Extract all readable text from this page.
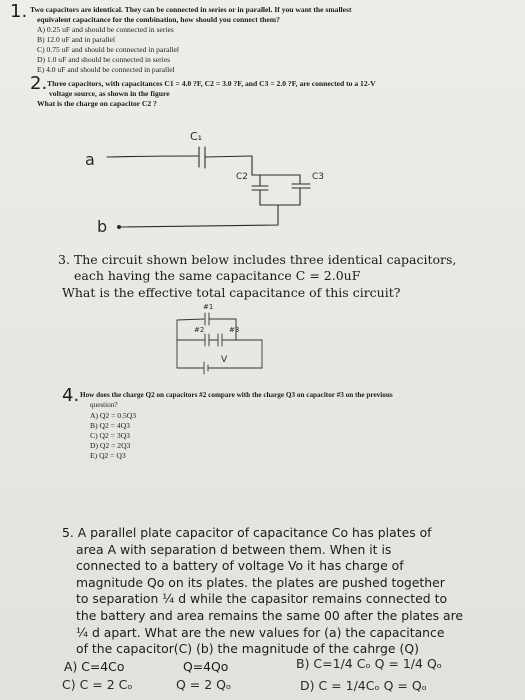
1. Two capacitors are identical. They can be connected in series or in parallel. If you want the smallest
equivalent capacitance for the combination, how should you connect them?
A) 0.25 uF and should be connected in series
B) 12.0 uF and in parallel
C) 0.75 uF and should be connected in parallel
D) 1.0 uF and should be connected in series
E) 4.0 uF and should be connected in parallel
2. Three capacitors, with capacitances C1 = 4.0 ?F, C2 = 3.0 ?F, and C3 = 2.0 ?F, are connected to a 12-V
voltage source, as shown in the figure
What is the charge on capacitor C2 ?
a
b
C₁
C2	C3
3. The circuit shown below includes three identical capacitors,
each having the same capacitance C = 2.0uF
What is the effective total capacitance of this circuit?
#1
#2	#3
V
4. How does the charge Q2 on capacitors #2 compare with the charge Q3 on capacitor #3 on the previous
question?
A) Q2 = 0.5Q3
B) Q2 = 4Q3
C) Q2 = 3Q3
D) Q2 = 2Q3
E) Q2 = Q3
5. A parallel plate capacitor of capacitance Co has plates of
area A with separation d between them. When it is
connected to a battery of voltage Vo it has charge of
magnitude Qo on its plates. the plates are pushed together
to separation ¼ d while the capasitor remains connected to
the battery and area remains the same 00 after the plates are
¼ d apart. What are the new values for (a) the capacitance
of the capacitor(C) (b) the magnitude of the cahrge (Q)
A) C=4Co	Q=4Qo	B) C=1/4 Cₒ Q = 1/4 Qₒ
C) C = 2 Cₒ	Q = 2 Qₒ	D) C = 1/4Cₒ Q = Qₒ
